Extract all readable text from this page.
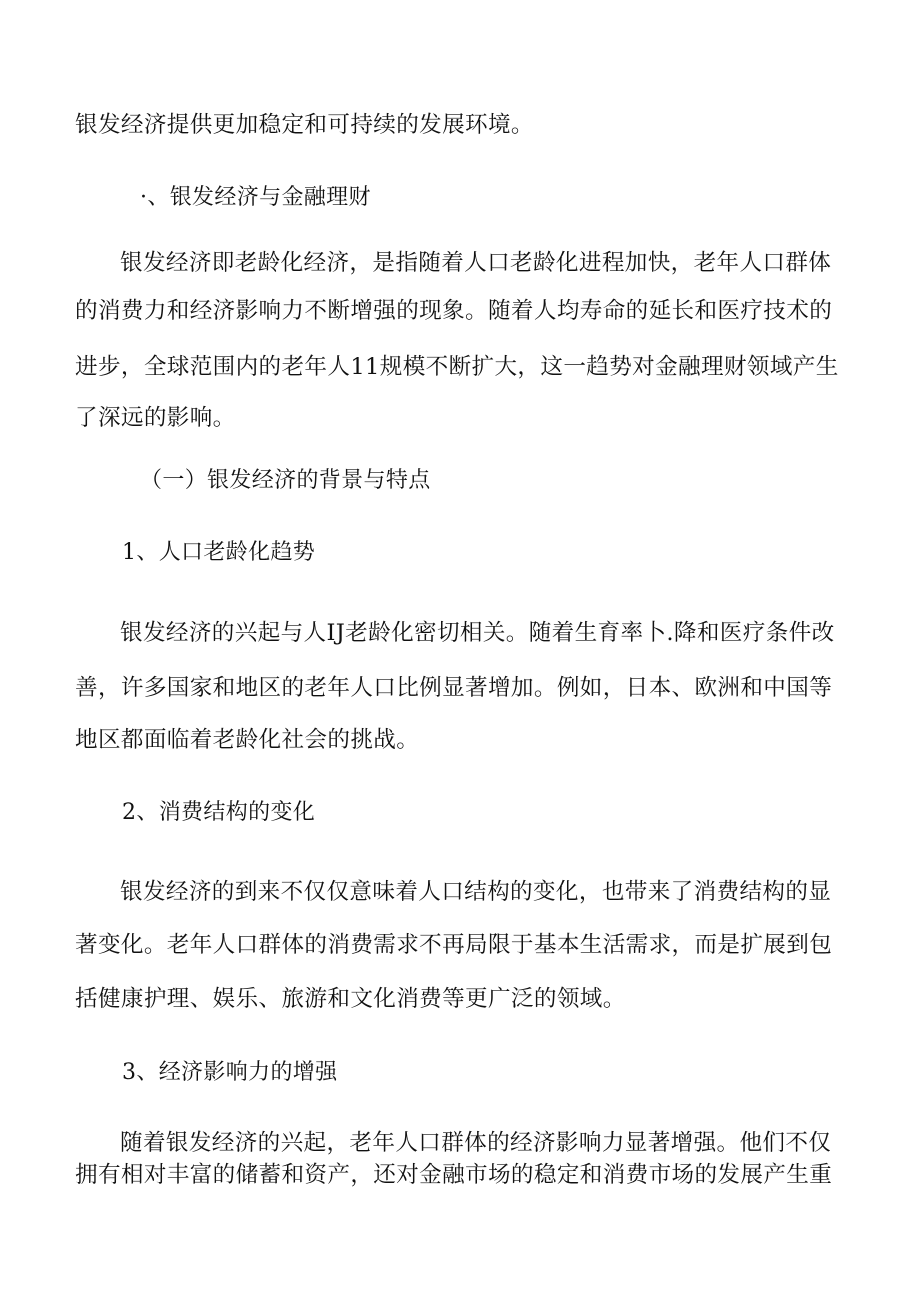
银发经济提供更加稳定和可持续的发展环境。
·、银发经济与金融理财
银发经济即老龄化经济，是指随着人口老龄化进程加快，老年人口群体
的消费力和经济影响力不断增强的现象。随着人均寿命的延长和医疗技术的
进步，全球范围内的老年人11规模不断扩大，这一趋势对金融理财领域产生
了深远的影响。
（一）银发经济的背景与特点
1、人口老龄化趋势
银发经济的兴起与人IJ老龄化密切相关。随着生育率卜.降和医疗条件改
善，许多国家和地区的老年人口比例显著增加。例如，日本、欧洲和中国等
地区都面临着老龄化社会的挑战。
2、消费结构的变化
银发经济的到来不仅仅意味着人口结构的变化，也带来了消费结构的显
著变化。老年人口群体的消费需求不再局限于基本生活需求，而是扩展到包
括健康护理、娱乐、旅游和文化消费等更广泛的领域。
3、经济影响力的增强
随着银发经济的兴起，老年人口群体的经济影响力显著增强。他们不仅
拥有相对丰富的储蓄和资产，还对金融市场的稳定和消费市场的发展产生重
